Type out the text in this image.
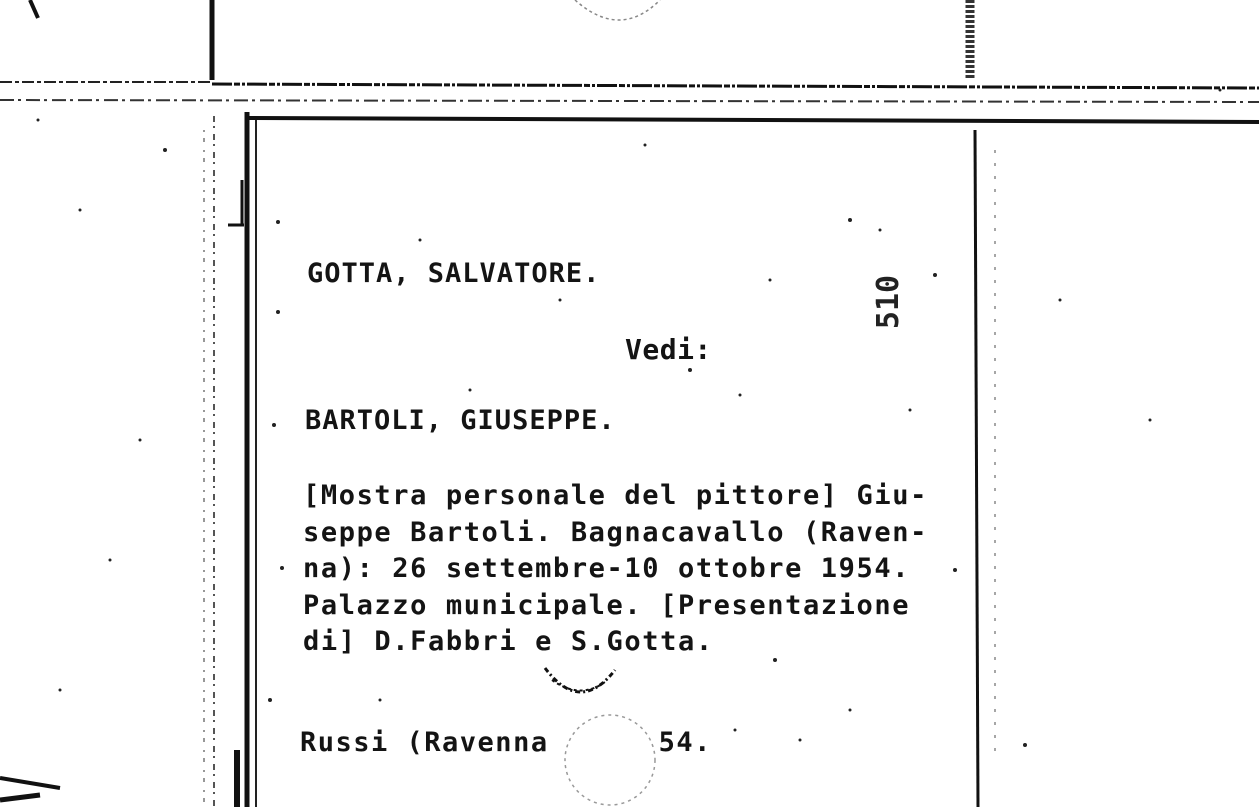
GOTTA, SALVATORE.
510
Vedi:
BARTOLI, GIUSEPPE.
[Mostra personale del pittore] Giu-
seppe Bartoli. Bagnacavallo (Raven-
na): 26 settembre-10 ottobre 1954.
Palazzo municipale. [Presentazione
di] D.Fabbri e S.Gotta.
Russi (Ravenna	54.
